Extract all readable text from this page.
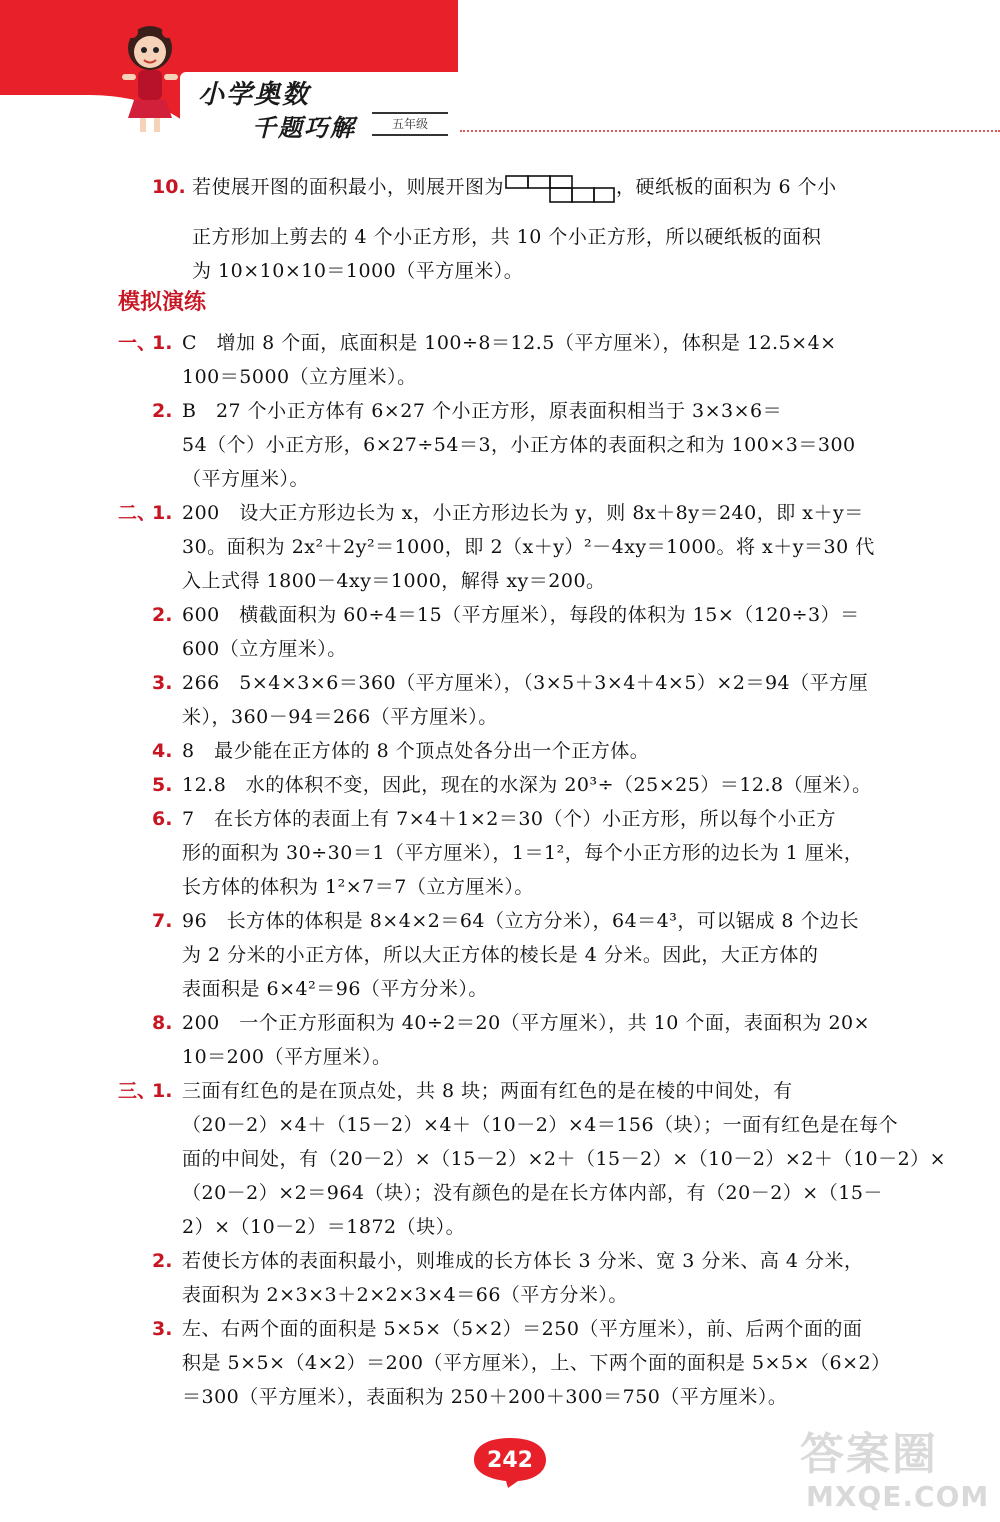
小学奥数
千题巧解	五年级
10. 若使展开图的面积最小，则展开图为	，硬纸板的面积为 6 个小
正方形加上剪去的 4 个小正方形，共 10 个小正方形，所以硬纸板的面积
为 10×10×10＝1000（平方厘米）。
模拟演练
一、
1. C　增加 8 个面，底面积是 100÷8＝12.5（平方厘米），体积是 12.5×4×
100＝5000（立方厘米）。
2. B　27 个小正方体有 6×27 个小正方形，原表面积相当于 3×3×6＝
54（个）小正方形，6×27÷54＝3，小正方体的表面积之和为 100×3＝300
（平方厘米）。
二、
1. 200　设大正方形边长为 x，小正方形边长为 y，则 8x＋8y＝240，即 x＋y＝
30。面积为 2x²＋2y²＝1000，即 2（x＋y）²－4xy＝1000。将 x＋y＝30 代
入上式得 1800－4xy＝1000，解得 xy＝200。
2. 600　横截面积为 60÷4＝15（平方厘米），每段的体积为 15×（120÷3）＝
600（立方厘米）。
3. 266　5×4×3×6＝360（平方厘米），（3×5＋3×4＋4×5）×2＝94（平方厘
米），360－94＝266（平方厘米）。
4. 8　最少能在正方体的 8 个顶点处各分出一个正方体。
5. 12.8　水的体积不变，因此，现在的水深为 20³÷（25×25）＝12.8（厘米）。
6. 7　在长方体的表面上有 7×4＋1×2＝30（个）小正方形，所以每个小正方
形的面积为 30÷30＝1（平方厘米），1＝1²，每个小正方形的边长为 1 厘米，
长方体的体积为 1²×7＝7（立方厘米）。
7. 96　长方体的体积是 8×4×2＝64（立方分米），64＝4³，可以锯成 8 个边长
为 2 分米的小正方体，所以大正方体的棱长是 4 分米。因此，大正方体的
表面积是 6×4²＝96（平方分米）。
8. 200　一个正方形面积为 40÷2＝20（平方厘米），共 10 个面，表面积为 20×
10＝200（平方厘米）。
三、
1. 三面有红色的是在顶点处，共 8 块；两面有红色的是在棱的中间处，有
（20－2）×4＋（15－2）×4＋（10－2）×4＝156（块）；一面有红色是在每个
面的中间处，有（20－2）×（15－2）×2＋（15－2）×（10－2）×2＋（10－2）×
（20－2）×2＝964（块）；没有颜色的是在长方体内部，有（20－2）×（15－
2）×（10－2）＝1872（块）。
2. 若使长方体的表面积最小，则堆成的长方体长 3 分米、宽 3 分米、高 4 分米，
表面积为 2×3×3＋2×2×3×4＝66（平方分米）。
3. 左、右两个面的面积是 5×5×（5×2）＝250（平方厘米），前、后两个面的面
积是 5×5×（4×2）＝200（平方厘米），上、下两个面的面积是 5×5×（6×2）
＝300（平方厘米），表面积为 250＋200＋300＝750（平方厘米）。
242	答案圈
MXQE.COM
